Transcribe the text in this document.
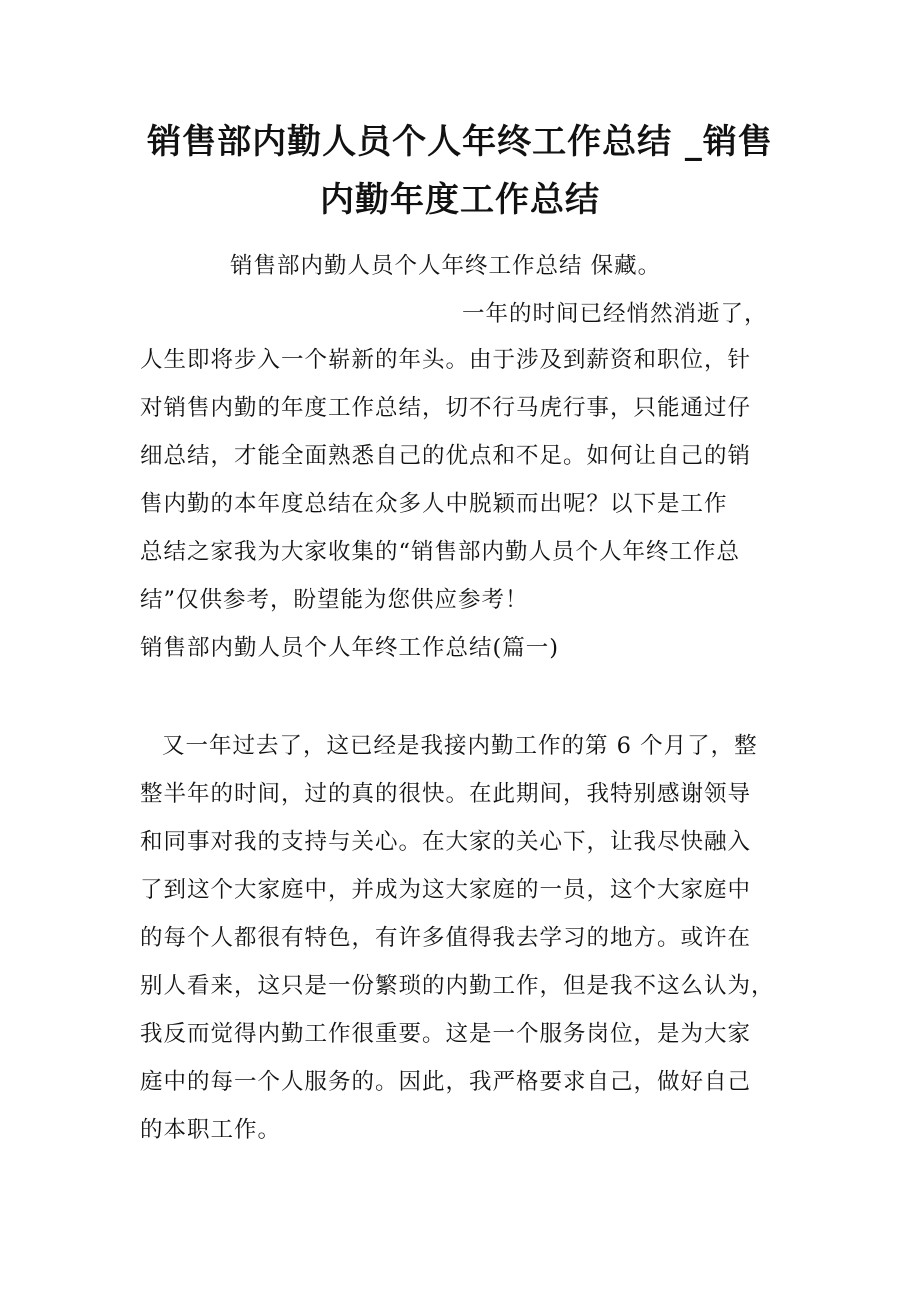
销售部内勤人员个人年终工作总结 _销售
内勤年度工作总结
销售部内勤人员个人年终工作总结 保藏。
一年的时间已经悄然消逝了，
人生即将步入一个崭新的年头。由于涉及到薪资和职位，针
对销售内勤的年度工作总结，切不行马虎行事，只能通过仔
细总结，才能全面熟悉自己的优点和不足。如何让自己的销
售内勤的本年度总结在众多人中脱颖而出呢？以下是工作
总结之家我为大家收集的“销售部内勤人员个人年终工作总
结”仅供参考，盼望能为您供应参考！
销售部内勤人员个人年终工作总结(篇一)
又一年过去了，这已经是我接内勤工作的第 6 个月了，整
整半年的时间，过的真的很快。在此期间，我特别感谢领导
和同事对我的支持与关心。在大家的关心下，让我尽快融入
了到这个大家庭中，并成为这大家庭的一员，这个大家庭中
的每个人都很有特色，有许多值得我去学习的地方。或许在
别人看来，这只是一份繁琐的内勤工作，但是我不这么认为，
我反而觉得内勤工作很重要。这是一个服务岗位，是为大家
庭中的每一个人服务的。因此，我严格要求自己，做好自己
的本职工作。
